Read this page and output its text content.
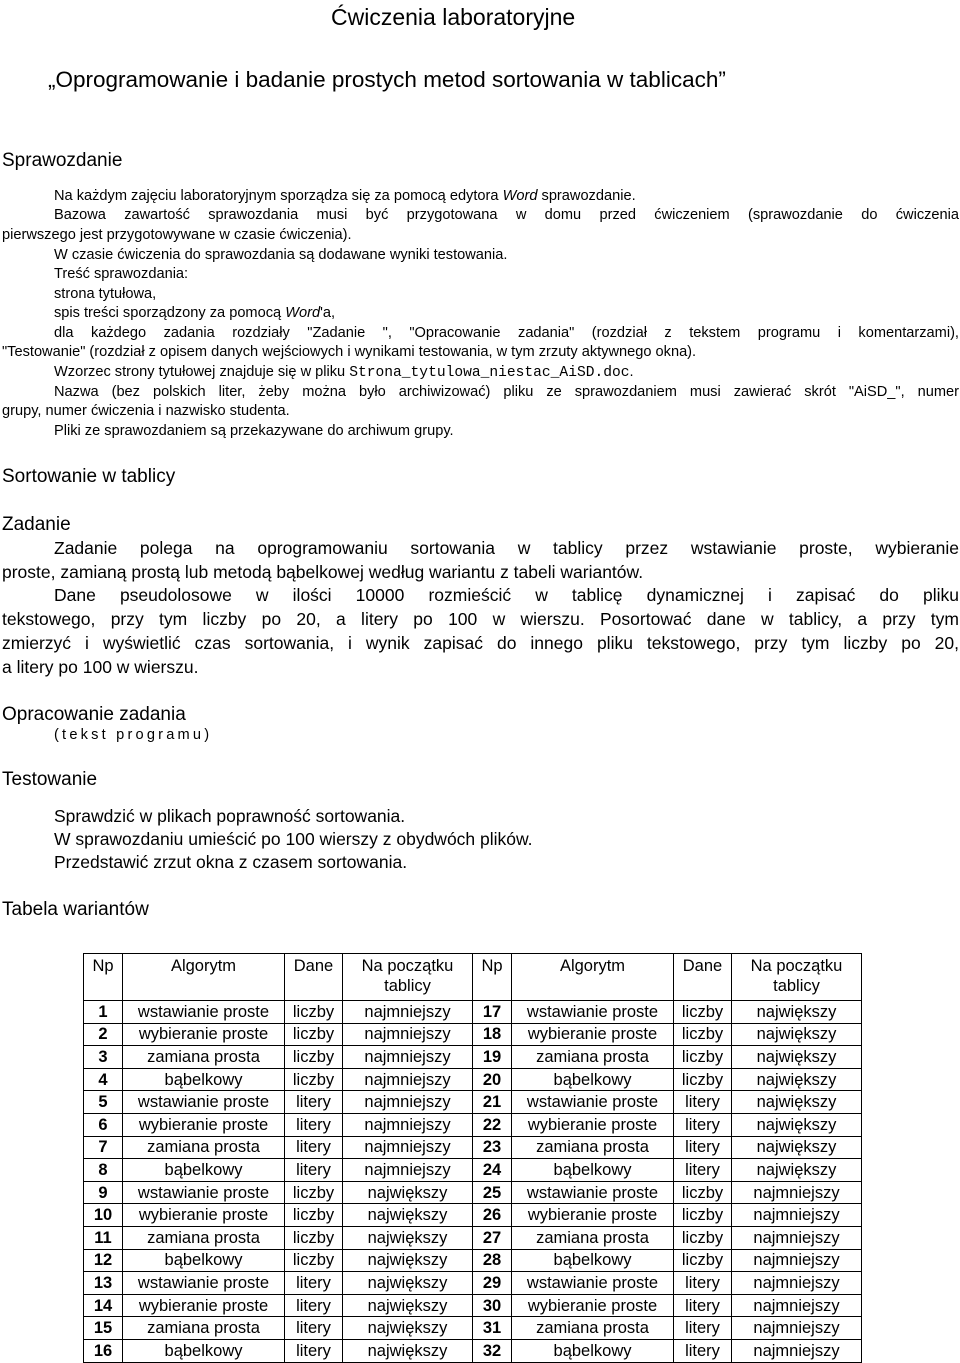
Ćwiczenia laboratoryjne
„Oprogramowanie i badanie prostych metod sortowania w tablicach”
Sprawozdanie
Na każdym zajęciu laboratoryjnym sporządza się za pomocą edytora Word sprawozdanie.
Bazowa zawartość sprawozdania musi być przygotowana w domu przed ćwiczeniem (sprawozdanie do ćwiczenia
pierwszego jest przygotowywane w czasie ćwiczenia).
W czasie ćwiczenia do sprawozdania są dodawane wyniki testowania.
Treść sprawozdania:
strona tytułowa,
spis treści sporządzony za pomocą Word'a,
dla każdego zadania rozdziały "Zadanie ", "Opracowanie zadania" (rozdział z tekstem programu i komentarzami),
"Testowanie" (rozdział z opisem danych wejściowych i wynikami testowania, w tym zrzuty aktywnego okna).
Wzorzec strony tytułowej znajduje się w pliku Strona_tytulowa_niestac_AiSD.doc.
Nazwa (bez polskich liter, żeby można było archiwizować) pliku ze sprawozdaniem musi zawierać skrót "AiSD_", numer
grupy, numer ćwiczenia i nazwisko studenta.
Pliki ze sprawozdaniem są przekazywane do archiwum grupy.
Sortowanie w tablicy
Zadanie
Zadanie polega na oprogramowaniu sortowania w tablicy przez wstawianie proste, wybieranie
proste, zamianą prostą lub metodą bąbelkowej według wariantu z tabeli wariantów.
Dane pseudolosowe w ilości 10000 rozmieścić w tablicę dynamicznej i zapisać do pliku
tekstowego, przy tym liczby po 20, a litery po 100 w wierszu. Posortować dane w tablicy, a przy tym
zmierzyć i wyświetlić czas sortowania, i wynik zapisać do innego pliku tekstowego, przy tym liczby po 20,
a litery po 100 w wierszu.
Opracowanie zadania
(tekst programu)
Testowanie
Sprawdzić w plikach poprawność sortowania.
W sprawozdaniu umieścić po 100 wierszy z obydwóch plików.
Przedstawić zrzut okna z czasem sortowania.
Tabela wariantów
Np	Algorytm	Dane	Na początku tablicy	Np	Algorytm	Dane	Na początku tablicy
1	wstawianie proste	liczby	najmniejszy	17	wstawianie proste	liczby	największy
2	wybieranie proste	liczby	najmniejszy	18	wybieranie proste	liczby	największy
3	zamiana prosta	liczby	najmniejszy	19	zamiana prosta	liczby	największy
4	bąbelkowy	liczby	najmniejszy	20	bąbelkowy	liczby	największy
5	wstawianie proste	litery	najmniejszy	21	wstawianie proste	litery	największy
6	wybieranie proste	litery	najmniejszy	22	wybieranie proste	litery	największy
7	zamiana prosta	litery	najmniejszy	23	zamiana prosta	litery	największy
8	bąbelkowy	litery	najmniejszy	24	bąbelkowy	litery	największy
9	wstawianie proste	liczby	największy	25	wstawianie proste	liczby	najmniejszy
10	wybieranie proste	liczby	największy	26	wybieranie proste	liczby	najmniejszy
11	zamiana prosta	liczby	największy	27	zamiana prosta	liczby	najmniejszy
12	bąbelkowy	liczby	największy	28	bąbelkowy	liczby	najmniejszy
13	wstawianie proste	litery	największy	29	wstawianie proste	litery	najmniejszy
14	wybieranie proste	litery	największy	30	wybieranie proste	litery	najmniejszy
15	zamiana prosta	litery	największy	31	zamiana prosta	litery	najmniejszy
16	bąbelkowy	litery	największy	32	bąbelkowy	litery	najmniejszy
